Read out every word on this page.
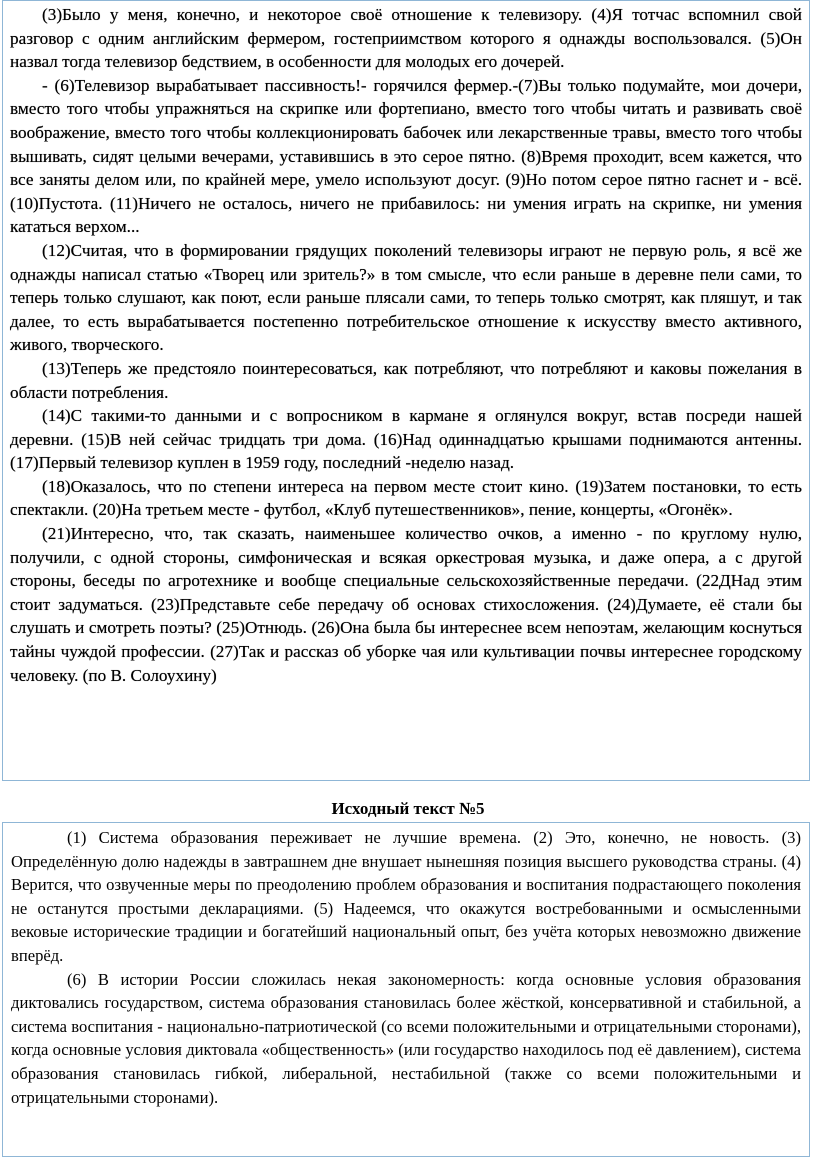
(3)Было у меня, конечно, и некоторое своё отношение к телевизору. (4)Я тотчас вспомнил свой разговор с одним английским фермером, гостеприимством которого я однажды воспользовался. (5)Он назвал тогда телевизор бедствием, в особенности для молодых его дочерей.

- (6)Телевизор вырабатывает пассивность!- горячился фермер.-(7)Вы только подумайте, мои дочери, вместо того чтобы упражняться на скрипке или фортепиано, вместо того чтобы читать и развивать своё воображение, вместо того чтобы коллекционировать бабочек или лекарственные травы, вместо того чтобы вышивать, сидят целыми вечерами, уставившись в это серое пятно. (8)Время проходит, всем кажется, что все заняты делом или, по крайней мере, умело используют досуг. (9)Но потом серое пятно гаснет и - всё. (10)Пустота. (11)Ничего не осталось, ничего не прибавилось: ни умения играть на скрипке, ни умения кататься верхом...

(12)Считая, что в формировании грядущих поколений телевизоры играют не первую роль, я всё же однажды написал статью «Творец или зритель?» в том смысле, что если раньше в деревне пели сами, то теперь только слушают, как поют, если раньше плясали сами, то теперь только смотрят, как пляшут, и так далее, то есть вырабатывается постепенно потребительское отношение к искусству вместо активного, живого, творческого.

(13)Теперь же предстояло поинтересоваться, как потребляют, что потребляют и каковы пожелания в области потребления.

(14)С такими-то данными и с вопросником в кармане я оглянулся вокруг, встав посреди нашей деревни. (15)В ней сейчас тридцать три дома. (16)Над одиннадцатью крышами поднимаются антенны. (17)Первый телевизор куплен в 1959 году, последний -неделю назад.

(18)Оказалось, что по степени интереса на первом месте стоит кино. (19)Затем постановки, то есть спектакли. (20)На третьем месте - футбол, «Клуб путешественников», пение, концерты, «Огонёк».

(21)Интересно, что, так сказать, наименьшее количество очков, а именно - по круглому нулю, получили, с одной стороны, симфоническая и всякая оркестровая музыка, и даже опера, а с другой стороны, беседы по агротехнике и вообще специальные сельскохозяйственные передачи. (22ДНад этим стоит задуматься. (23)Представьте себе передачу об основах стихосложения. (24)Думаете, её стали бы слушать и смотреть поэты? (25)Отнюдь. (26)Она была бы интереснее всем непоэтам, желающим коснуться тайны чуждой профессии. (27)Так и рассказ об уборке чая или культивации почвы интереснее городскому человеку. (по В. Солоухину)

Исходный текст №5

(1) Система образования переживает не лучшие времена. (2) Это, конечно, не новость. (3) Определённую долю надежды в завтрашнем дне внушает нынешняя позиция высшего руководства страны. (4) Верится, что озвученные меры по преодолению проблем образования и воспитания подрастающего поколения не останутся простыми декларациями. (5) Надеемся, что окажутся востребованными и осмысленными вековые исторические традиции и богатейший национальный опыт, без учёта которых невозможно движение вперёд.

(6) В истории России сложилась некая закономерность: когда основные условия образования диктовались государством, система образования становилась более жёсткой, консервативной и стабильной, а система воспитания - национально-патриотической (со всеми положительными и отрицательными сторонами), когда основные условия диктовала «общественность» (или государство находилось под её давлением), система образования становилась гибкой, либеральной, нестабильной (также со всеми положительными и отрицательными сторонами).
